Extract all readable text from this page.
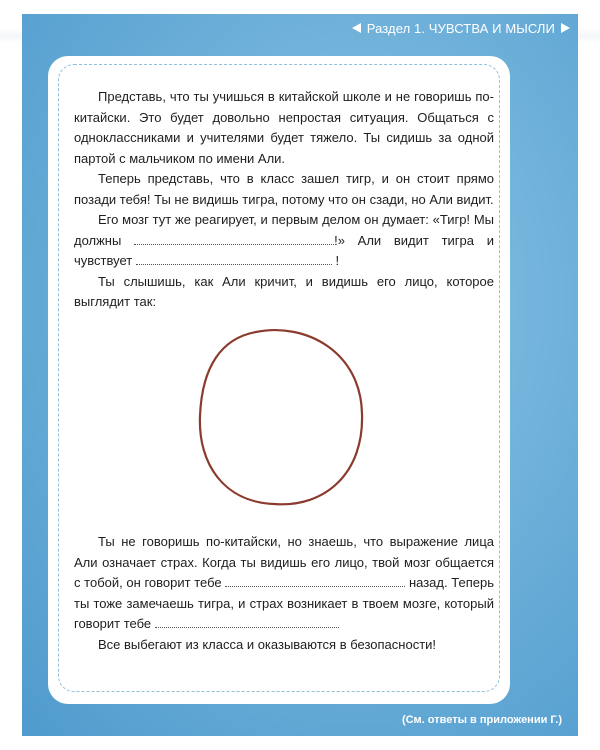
Раздел 1. ЧУВСТВА И МЫСЛИ

Представь, что ты учишься в китайской школе и не говоришь по-китайски. Это будет довольно непростая ситуация. Общаться с одноклассниками и учителями будет тяжело. Ты сидишь за одной партой с мальчиком по имени Али.

Теперь представь, что в класс зашел тигр, и он стоит прямо позади тебя! Ты не видишь тигра, потому что он сзади, но Али видит.

Его мозг тут же реагирует, и первым делом он думает: «Тигр! Мы должны	!» Али видит тигра и чувствует	!

Ты слышишь, как Али кричит, и видишь его лицо, которое выглядит так:

Ты не говоришь по-китайски, но знаешь, что выражение лица Али означает страх. Когда ты видишь его лицо, твой мозг общается с тобой, он говорит тебе	назад. Теперь ты тоже замечаешь тигра, и страх возникает в твоем мозге, который говорит тебе

Все выбегают из класса и оказываются в безопасности!

(См. ответы в приложении Г.)
